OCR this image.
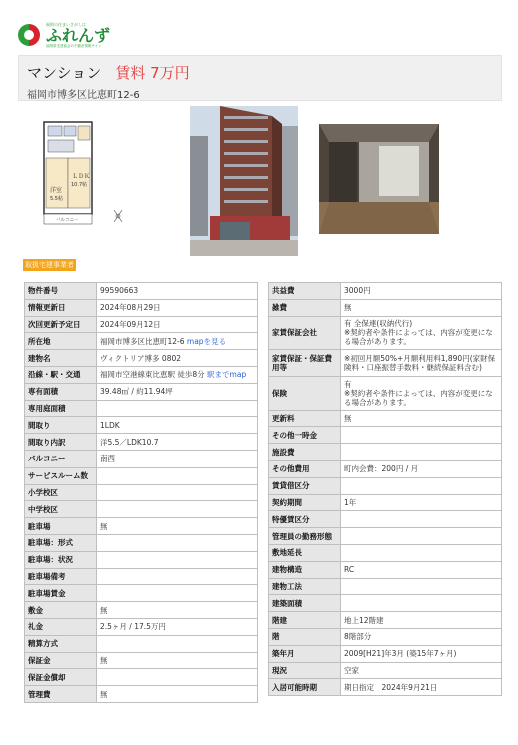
福岡の住まいさがしは
ふれんず
福岡県宅建協会の不動産情報サイト
マンション 賃料 7万円
福岡市博多区比恵町12-6
ＬＤＫ
10.7帖
洋室
5.5帖
バルコニー
取扱宅建事業者
物件番号	99590663
情報更新日	2024年08月29日
次回更新予定日	2024年09月12日
所在地	福岡市博多区比恵町12-6 mapを見る
建物名	ヴィクトリア博多 0802
沿線・駅・交通	福岡市空港線東比恵駅 徒歩8分 駅までmap
専有面積	39.48㎡ / 約11.94坪
専用庭面積	
間取り	1LDK
間取り内訳	洋5.5／LDK10.7
バルコニー	南西
サービスルーム数	
小学校区	
中学校区	
駐車場	無
駐車場：形式	
駐車場：状況	
駐車場備考	
駐車場賃金	
敷金	無
礼金	2.5ヶ月 / 17.5万円
精算方式	
保証金	無
保証金償却	
管理費	無
共益費	3000円
雑費	無
家賃保証会社	有 全保連(収納代行)
※契約者や条件によっては、内容が変更になる場合があります。
家賃保証・保証費用等	※初回月額50%+月額利用料1,890円(家財保険料・口座振替手数料・継続保証料含む)
保険	有
※契約者や条件によっては、内容が変更になる場合があります。
更新料	無
その他一時金	
施設費	
その他費用	町内会費：200円 / 月
賃貸借区分	
契約期間	1年
特優賃区分	
管理員の勤務形態	
敷地延長	
建物構造	RC
建物工法	
建築面積	
階建	地上12階建
階	8階部分
築年月	2009[H21]年3月 (築15年7ヶ月)
現況	空家
入居可能時期	期日指定　2024年9月21日
